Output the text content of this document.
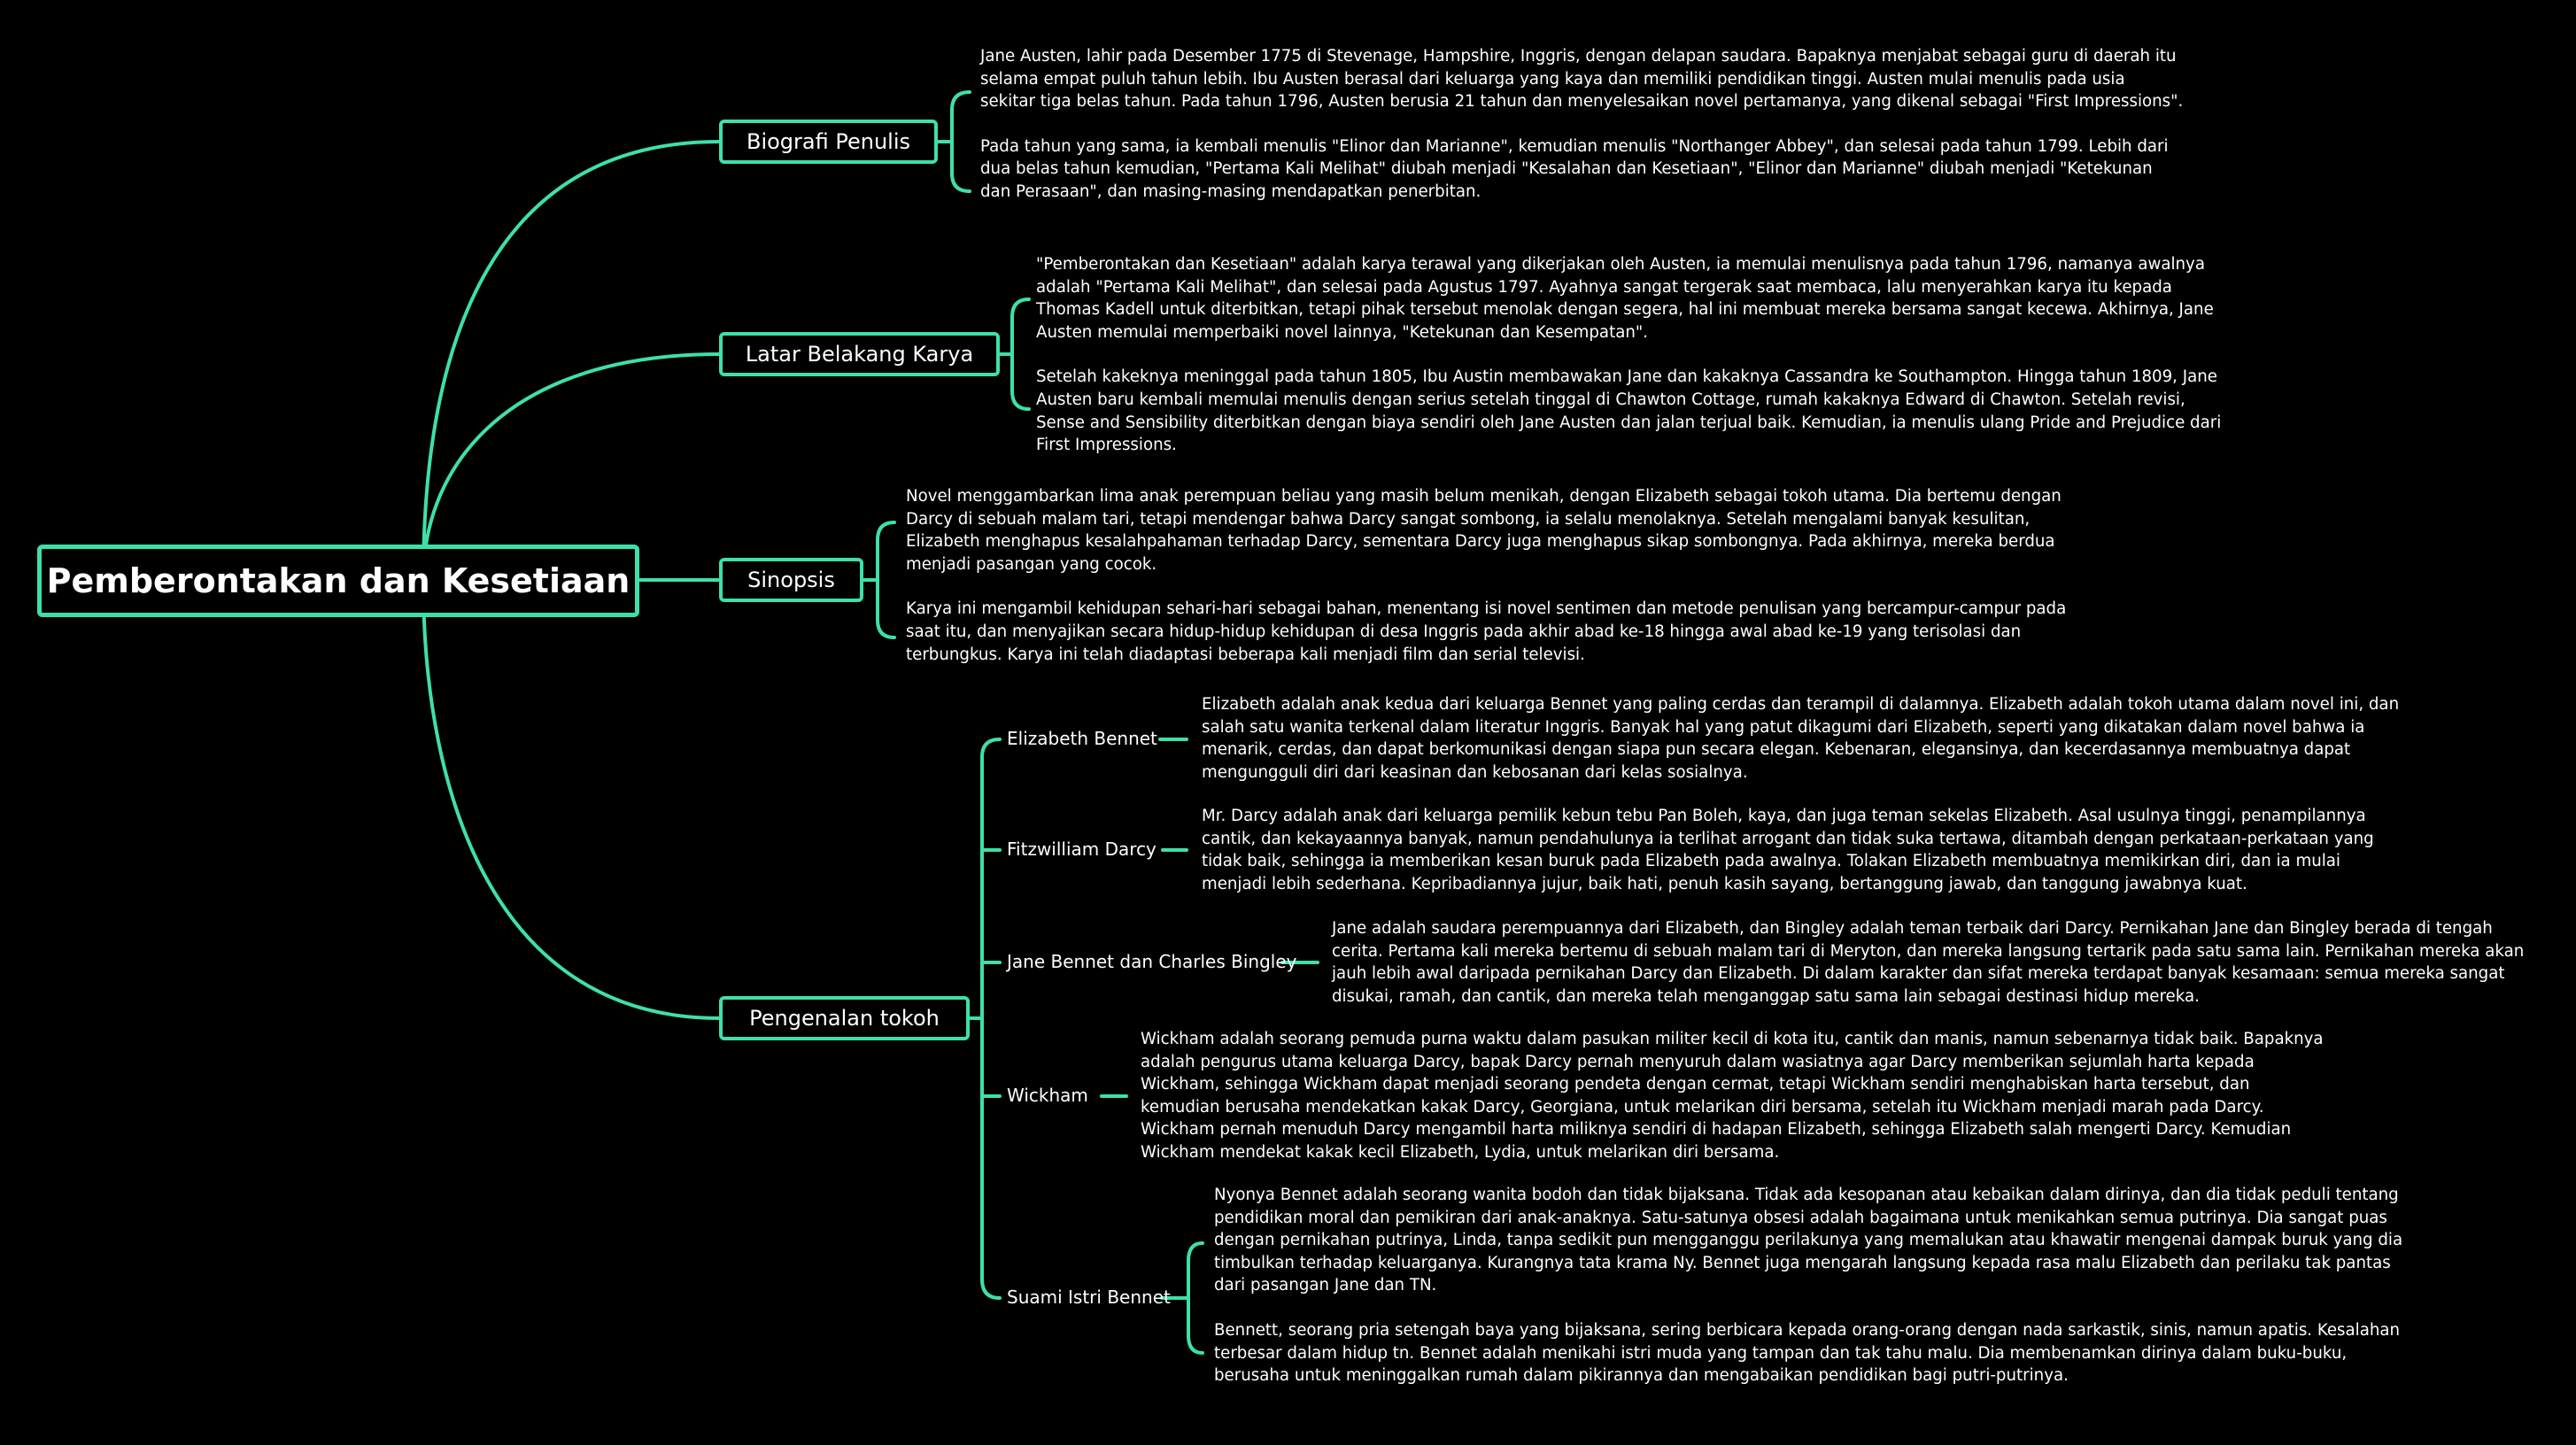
Pemberontakan dan Kesetiaan
Biografi Penulis
Latar Belakang Karya
Sinopsis
Pengenalan tokoh

Jane Austen, lahir pada Desember 1775 di Stevenage, Hampshire, Inggris, dengan delapan saudara. Bapaknya menjabat sebagai guru di daerah itu selama empat puluh tahun lebih. Ibu Austen berasal dari keluarga yang kaya dan memiliki pendidikan tinggi. Austen mulai menulis pada usia sekitar tiga belas tahun. Pada tahun 1796, Austen berusia 21 tahun dan menyelesaikan novel pertamanya, yang dikenal sebagai "First Impressions".

Pada tahun yang sama, ia kembali menulis "Elinor dan Marianne", kemudian menulis "Northanger Abbey", dan selesai pada tahun 1799. Lebih dari dua belas tahun kemudian, "Pertama Kali Melihat" diubah menjadi "Kesalahan dan Kesetiaan", "Elinor dan Marianne" diubah menjadi "Ketekunan dan Perasaan", dan masing-masing mendapatkan penerbitan.

"Pemberontakan dan Kesetiaan" adalah karya terawal yang dikerjakan oleh Austen, ia memulai menulisnya pada tahun 1796, namanya awalnya adalah "Pertama Kali Melihat", dan selesai pada Agustus 1797. Ayahnya sangat tergerak saat membaca, lalu menyerahkan karya itu kepada Thomas Kadell untuk diterbitkan, tetapi pihak tersebut menolak dengan segera, hal ini membuat mereka bersama sangat kecewa. Akhirnya, Jane Austen memulai memperbaiki novel lainnya, "Ketekunan dan Kesempatan".

Setelah kakeknya meninggal pada tahun 1805, Ibu Austin membawakan Jane dan kakaknya Cassandra ke Southampton. Hingga tahun 1809, Jane Austen baru kembali memulai menulis dengan serius setelah tinggal di Chawton Cottage, rumah kakaknya Edward di Chawton. Setelah revisi, Sense and Sensibility diterbitkan dengan biaya sendiri oleh Jane Austen dan jalan terjual baik. Kemudian, ia menulis ulang Pride and Prejudice dari First Impressions.

Novel menggambarkan lima anak perempuan beliau yang masih belum menikah, dengan Elizabeth sebagai tokoh utama. Dia bertemu dengan Darcy di sebuah malam tari, tetapi mendengar bahwa Darcy sangat sombong, ia selalu menolaknya. Setelah mengalami banyak kesulitan, Elizabeth menghapus kesalahpahaman terhadap Darcy, sementara Darcy juga menghapus sikap sombongnya. Pada akhirnya, mereka berdua menjadi pasangan yang cocok.

Karya ini mengambil kehidupan sehari-hari sebagai bahan, menentang isi novel sentimen dan metode penulisan yang bercampur-campur pada saat itu, dan menyajikan secara hidup-hidup kehidupan di desa Inggris pada akhir abad ke-18 hingga awal abad ke-19 yang terisolasi dan terbungkus. Karya ini telah diadaptasi beberapa kali menjadi film dan serial televisi.

Elizabeth Bennet

Elizabeth adalah anak kedua dari keluarga Bennet yang paling cerdas dan terampil di dalamnya. Elizabeth adalah tokoh utama dalam novel ini, dan salah satu wanita terkenal dalam literatur Inggris. Banyak hal yang patut dikagumi dari Elizabeth, seperti yang dikatakan dalam novel bahwa ia menarik, cerdas, dan dapat berkomunikasi dengan siapa pun secara elegan. Kebenaran, elegansinya, dan kecerdasannya membuatnya dapat mengungguli diri dari keasinan dan kebosanan dari kelas sosialnya.

Fitzwilliam Darcy

Mr. Darcy adalah anak dari keluarga pemilik kebun tebu Pan Boleh, kaya, dan juga teman sekelas Elizabeth. Asal usulnya tinggi, penampilannya cantik, dan kekayaannya banyak, namun pendahulunya ia terlihat arrogant dan tidak suka tertawa, ditambah dengan perkataan-perkataan yang tidak baik, sehingga ia memberikan kesan buruk pada Elizabeth pada awalnya. Tolakan Elizabeth membuatnya memikirkan diri, dan ia mulai menjadi lebih sederhana. Kepribadiannya jujur, baik hati, penuh kasih sayang, bertanggung jawab, dan tanggung jawabnya kuat.

Jane Bennet dan Charles Bingley

Jane adalah saudara perempuannya dari Elizabeth, dan Bingley adalah teman terbaik dari Darcy. Pernikahan Jane dan Bingley berada di tengah cerita. Pertama kali mereka bertemu di sebuah malam tari di Meryton, dan mereka langsung tertarik pada satu sama lain. Pernikahan mereka akan jauh lebih awal daripada pernikahan Darcy dan Elizabeth. Di dalam karakter dan sifat mereka terdapat banyak kesamaan: semua mereka sangat disukai, ramah, dan cantik, dan mereka telah menganggap satu sama lain sebagai destinasi hidup mereka.

Wickham

Wickham adalah seorang pemuda purna waktu dalam pasukan militer kecil di kota itu, cantik dan manis, namun sebenarnya tidak baik. Bapaknya adalah pengurus utama keluarga Darcy, bapak Darcy pernah menyuruh dalam wasiatnya agar Darcy memberikan sejumlah harta kepada Wickham, sehingga Wickham dapat menjadi seorang pendeta dengan cermat, tetapi Wickham sendiri menghabiskan harta tersebut, dan kemudian berusaha mendekatkan kakak Darcy, Georgiana, untuk melarikan diri bersama, setelah itu Wickham menjadi marah pada Darcy. Wickham pernah menuduh Darcy mengambil harta miliknya sendiri di hadapan Elizabeth, sehingga Elizabeth salah mengerti Darcy. Kemudian Wickham mendekat kakak kecil Elizabeth, Lydia, untuk melarikan diri bersama.

Suami Istri Bennet

Nyonya Bennet adalah seorang wanita bodoh dan tidak bijaksana. Tidak ada kesopanan atau kebaikan dalam dirinya, dan dia tidak peduli tentang pendidikan moral dan pemikiran dari anak-anaknya. Satu-satunya obsesi adalah bagaimana untuk menikahkan semua putrinya. Dia sangat puas dengan pernikahan putrinya, Linda, tanpa sedikit pun mengganggu perilakunya yang memalukan atau khawatir mengenai dampak buruk yang dia timbulkan terhadap keluarganya. Kurangnya tata krama Ny. Bennet juga mengarah langsung kepada rasa malu Elizabeth dan perilaku tak pantas dari pasangan Jane dan TN.

Bennett, seorang pria setengah baya yang bijaksana, sering berbicara kepada orang-orang dengan nada sarkastik, sinis, namun apatis. Kesalahan terbesar dalam hidup tn. Bennet adalah menikahi istri muda yang tampan dan tak tahu malu. Dia membenamkan dirinya dalam buku-buku, berusaha untuk meninggalkan rumah dalam pikirannya dan mengabaikan pendidikan bagi putri-putrinya.
